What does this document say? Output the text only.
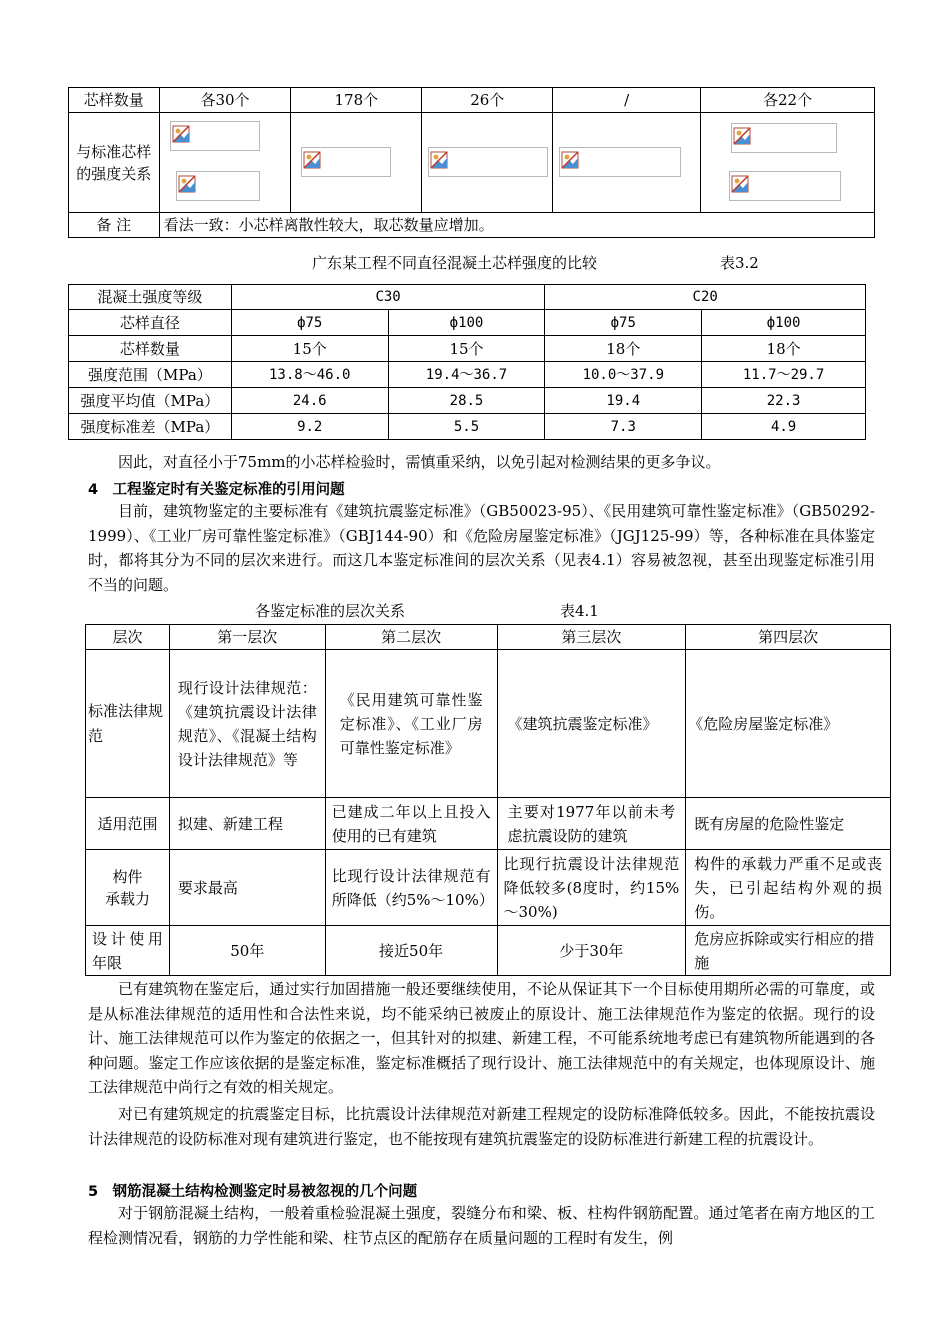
芯样数量	各30个	178个	26个	/	各22个

与标准芯样
的强度关系

备 注	看法一致：小芯样离散性较大，取芯数量应增加。				
广东某工程不同直径混凝土芯样强度的比较	表3.2
混凝土强度等级	C30		C20	
芯样直径	ф75	ф100	ф75	ф100
芯样数量	15个	15个	18个	18个
强度范围（MPa）	13.8～46.0	19.4～36.7	10.0～37.9	11.7～29.7
强度平均值（MPa）	24.6	28.5	19.4	22.3
强度标准差（MPa）	9.2	5.5	7.3	4.9
因此，对直径小于75mm的小芯样检验时，需慎重采纳，以免引起对检测结果的更多争议。
4　工程鉴定时有关鉴定标准的引用问题
目前，建筑物鉴定的主要标准有《建筑抗震鉴定标准》（GB50023-95）、《民用建筑可靠性鉴定标准》（GB50292-1999）、《工业厂房可靠性鉴定标准》（GBJ144-90）和《危险房屋鉴定标准》（JGJ125-99）等，各种标准在具体鉴定时，都将其分为不同的层次来进行。而这几本鉴定标准间的层次关系（见表4.1）容易被忽视，甚至出现鉴定标准引用不当的问题。
各鉴定标准的层次关系	表4.1
层次	第一层次	第二层次	第三层次	第四层次
标准法律规范	现行设计法律规范：《建筑抗震设计法律规范》、《混凝土结构设计法律规范》等	《民用建筑可靠性鉴定标准》、《工业厂房可靠性鉴定标准》	《建筑抗震鉴定标准》	《危险房屋鉴定标准》
适用范围	拟建、新建工程	已建成二年以上且投入使用的已有建筑	主要对1977年以前未考虑抗震设防的建筑	既有房屋的危险性鉴定

构件
承载力	要求最高	比现行设计法律规范有所降低（约5%～10%）	比现行抗震设计法律规范降低较多(8度时，约15%～30%)	构件的承载力严重不足或丧失，已引起结构外观的损伤。
设计使用年限	50年	接近50年	少于30年	危房应拆除或实行相应的措施
已有建筑物在鉴定后，通过实行加固措施一般还要继续使用，不论从保证其下一个目标使用期所必需的可靠度，或是从标准法律规范的适用性和合法性来说，均不能采纳已被废止的原设计、施工法律规范作为鉴定的依据。现行的设计、施工法律规范可以作为鉴定的依据之一，但其针对的拟建、新建工程，不可能系统地考虑已有建筑物所能遇到的各种问题。鉴定工作应该依据的是鉴定标准，鉴定标准概括了现行设计、施工法律规范中的有关规定，也体现原设计、施工法律规范中尚行之有效的相关规定。
对已有建筑规定的抗震鉴定目标，比抗震设计法律规范对新建工程规定的设防标准降低较多。因此，不能按抗震设计法律规范的设防标准对现有建筑进行鉴定，也不能按现有建筑抗震鉴定的设防标准进行新建工程的抗震设计。
5　钢筋混凝土结构检测鉴定时易被忽视的几个问题
对于钢筋混凝土结构，一般着重检验混凝土强度，裂缝分布和梁、板、柱构件钢筋配置。通过笔者在南方地区的工程检测情况看，钢筋的力学性能和梁、柱节点区的配筋存在质量问题的工程时有发生，例
